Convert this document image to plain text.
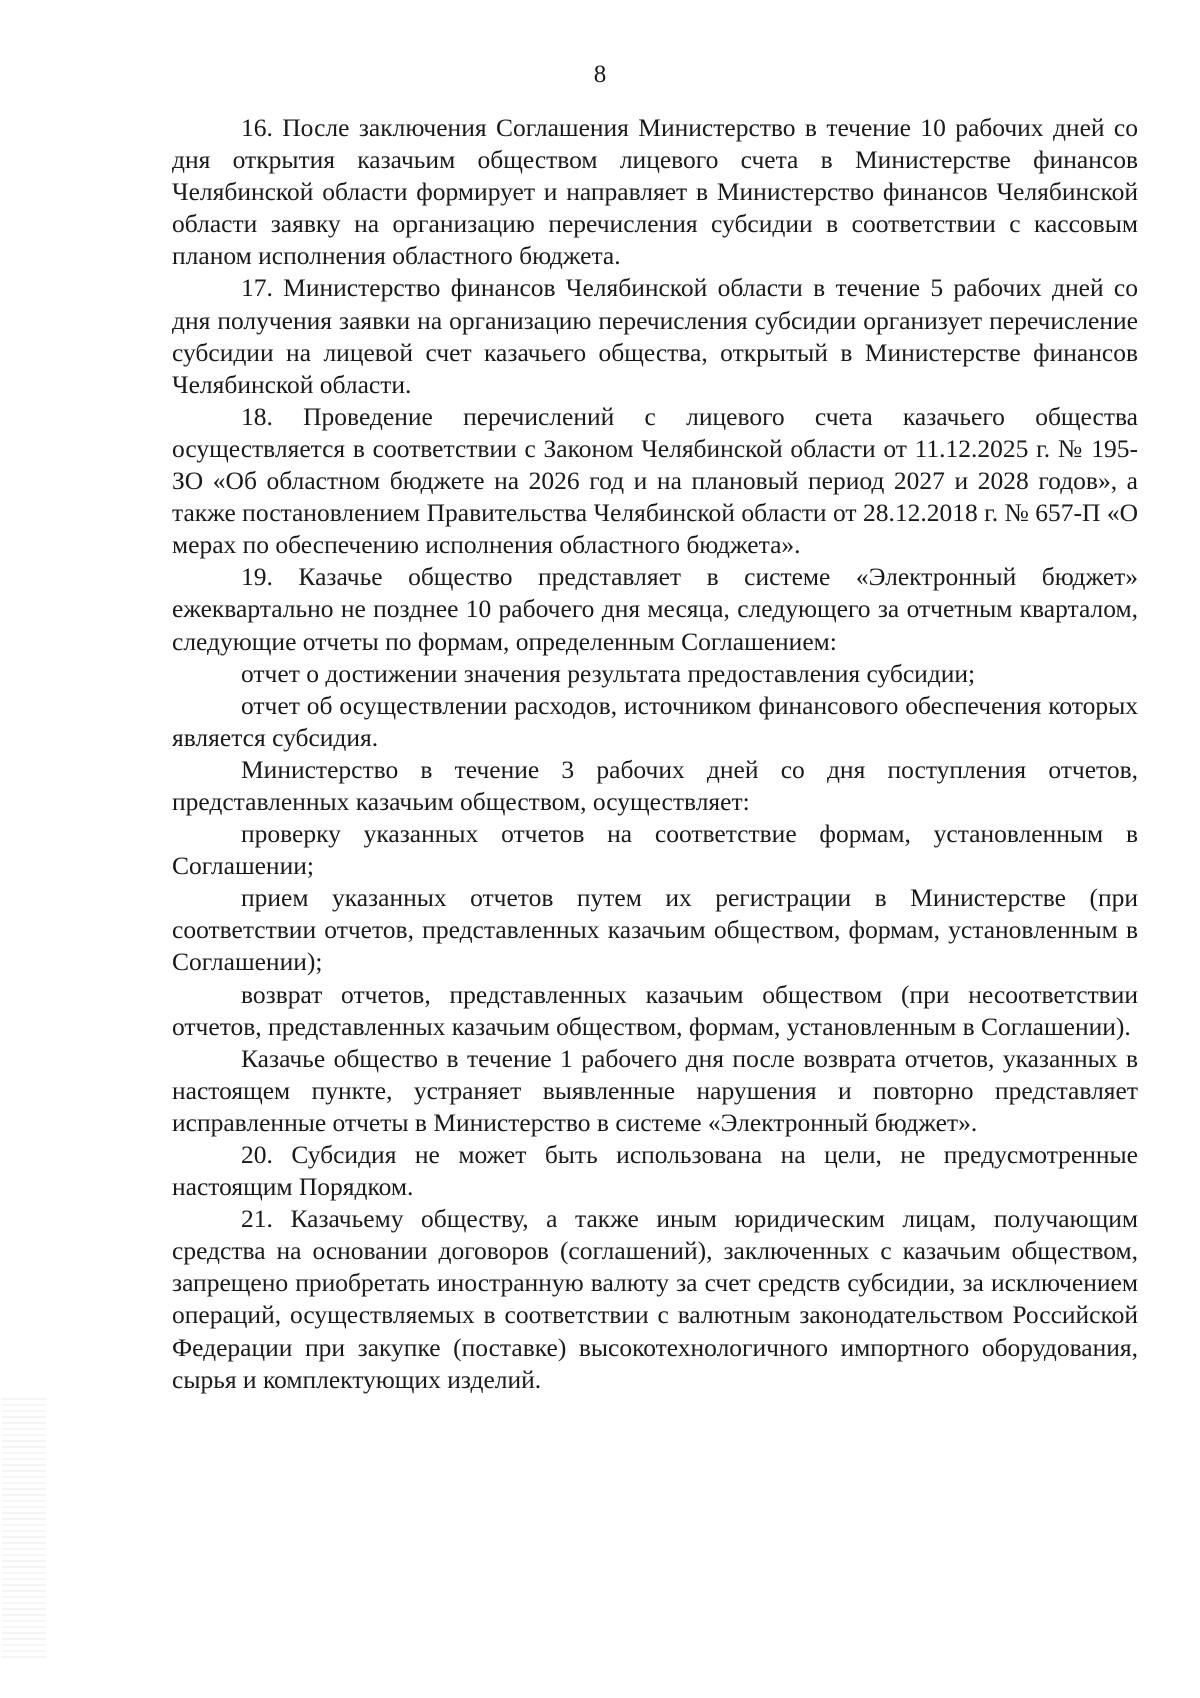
8

16. После заключения Соглашения Министерство в течение 10 рабочих дней со дня открытия казачьим обществом лицевого счета в Министерстве финансов Челябинской области формирует и направляет в Министерство финансов Челябинской области заявку на организацию перечисления субсидии в соответствии с кассовым планом исполнения областного бюджета.

17. Министерство финансов Челябинской области в течение 5 рабочих дней со дня получения заявки на организацию перечисления субсидии организует перечисление субсидии на лицевой счет казачьего общества, открытый в Министерстве финансов Челябинской области.

18. Проведение перечислений с лицевого счета казачьего общества осуществляется в соответствии с Законом Челябинской области от 11.12.2025 г. № 195-ЗО «Об областном бюджете на 2026 год и на плановый период 2027 и 2028 годов», а также постановлением Правительства Челябинской области от 28.12.2018 г. № 657-П «О мерах по обеспечению исполнения областного бюджета».

19. Казачье общество представляет в системе «Электронный бюджет» ежеквартально не позднее 10 рабочего дня месяца, следующего за отчетным кварталом, следующие отчеты по формам, определенным Соглашением:

отчет о достижении значения результата предоставления субсидии;

отчет об осуществлении расходов, источником финансового обеспечения которых является субсидия.

Министерство в течение 3 рабочих дней со дня поступления отчетов, представленных казачьим обществом, осуществляет:

проверку указанных отчетов на соответствие формам, установленным в Соглашении;

прием указанных отчетов путем их регистрации в Министерстве (при соответствии отчетов, представленных казачьим обществом, формам, установленным в Соглашении);

возврат отчетов, представленных казачьим обществом (при несоответствии отчетов, представленных казачьим обществом, формам, установленным в Соглашении).

Казачье общество в течение 1 рабочего дня после возврата отчетов, указанных в настоящем пункте, устраняет выявленные нарушения и повторно представляет исправленные отчеты в Министерство в системе «Электронный бюджет».

20. Субсидия не может быть использована на цели, не предусмотренные настоящим Порядком.

21. Казачьему обществу, а также иным юридическим лицам, получающим средства на основании договоров (соглашений), заключенных с казачьим обществом, запрещено приобретать иностранную валюту за счет средств субсидии, за исключением операций, осуществляемых в соответствии с валютным законодательством Российской Федерации при закупке (поставке) высокотехнологичного импортного оборудования, сырья и комплектующих изделий.
